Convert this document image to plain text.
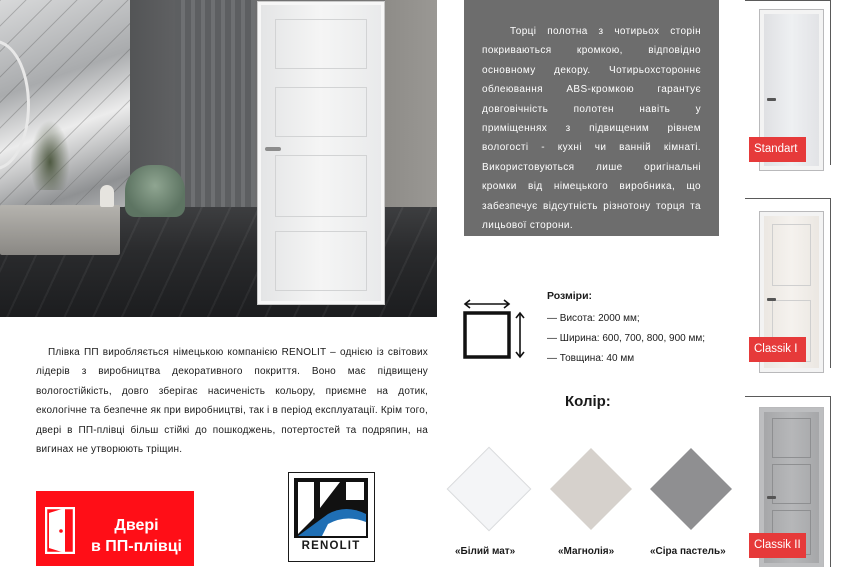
Торці полотна з чотирьох сторін покриваються кромкою, відповідно основному декору. Чотирьохстороннє облеювання ABS-кромкою гарантує довговічність полотен навіть у приміщеннях з підвищеним рівнем вологості - кухні чи ванній кімнаті. Використовуються лише оригінальні кромки від німецького виробника, що забезпечує відсутність різнотону торця та лицьової сторони.

Standart
Classik I
Classik II
Розміри:
— Висота: 2000 мм;
— Ширина: 600, 700, 800, 900 мм;
— Товщина: 40 мм
Колір:
«Білий мат»	«Магнолія»	«Сіра пастель»

Плівка ПП виробляється німецькою компанією RENOLIT – однією із світових лідерів з виробництва декоративного покриття. Воно має підвищену вологостійкість, довго зберігає насиченість кольору, приємне на дотик, екологічне та безпечне як при виробництві, так і в період експлуатації. Крім того, двері в ПП-плівці більш стійкі до пошкоджень, потертостей та подряпин, на вигинах не утворюють тріщин.

Двері
в ПП-плівці	RENOLIT
